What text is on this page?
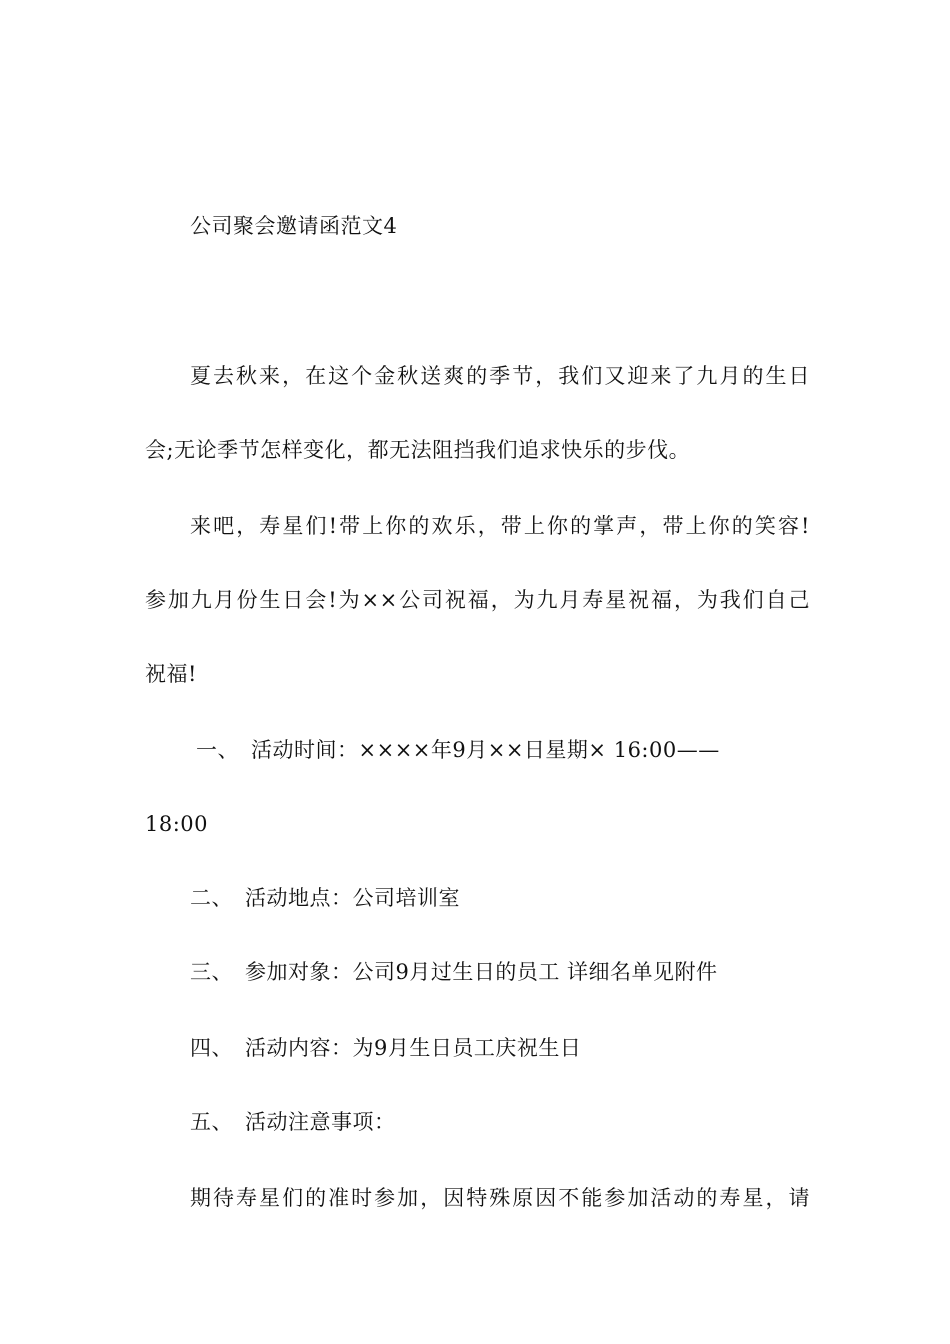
公司聚会邀请函范文4
夏去秋来，在这个金秋送爽的季节，我们又迎来了九月的生日
会;无论季节怎样变化，都无法阻挡我们追求快乐的步伐。
来吧，寿星们!带上你的欢乐，带上你的掌声，带上你的笑容!
参加九月份生日会!为××公司祝福，为九月寿星祝福，为我们自己
祝福!
一、 活动时间：××××年9月××日星期× 16:00——
18:00
二、 活动地点：公司培训室
三、 参加对象：公司9月过生日的员工 详细名单见附件
四、 活动内容：为9月生日员工庆祝生日
五、 活动注意事项：
期待寿星们的准时参加，因特殊原因不能参加活动的寿星，请
